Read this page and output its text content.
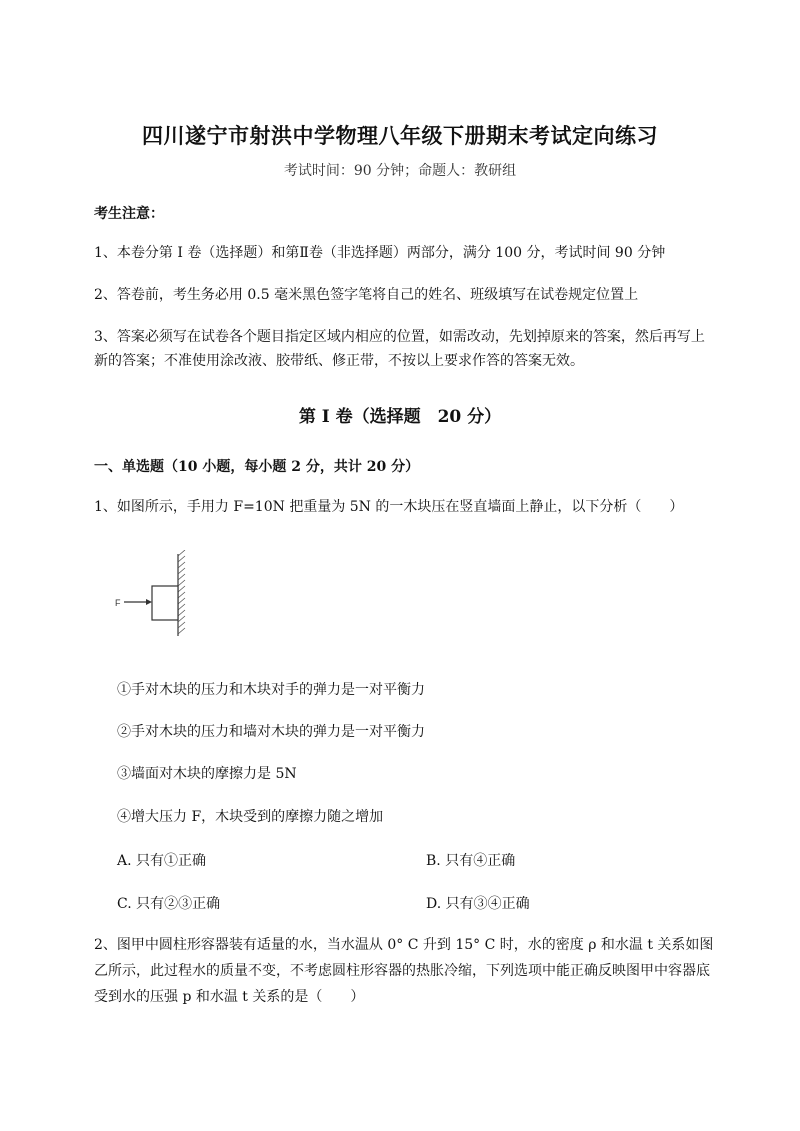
四川遂宁市射洪中学物理八年级下册期末考试定向练习
考试时间：90 分钟；命题人：教研组
考生注意：
1、本卷分第 I 卷（选择题）和第Ⅱ卷（非选择题）两部分，满分 100 分，考试时间 90 分钟
2、答卷前，考生务必用 0.5 毫米黑色签字笔将自己的姓名、班级填写在试卷规定位置上
3、答案必须写在试卷各个题目指定区域内相应的位置，如需改动，先划掉原来的答案，然后再写上新的答案；不准使用涂改液、胶带纸、修正带，不按以上要求作答的答案无效。
第 I 卷（选择题　20 分）
一、单选题（10 小题，每小题 2 分，共计 20 分）
1、如图所示，手用力 F=10N 把重量为 5N 的一木块压在竖直墙面上静止，以下分析（　　）
F
①手对木块的压力和木块对手的弹力是一对平衡力
②手对木块的压力和墙对木块的弹力是一对平衡力
③墙面对木块的摩擦力是 5N
④增大压力 F，木块受到的摩擦力随之增加
A. 只有①正确	B. 只有④正确
C. 只有②③正确	D. 只有③④正确
2、图甲中圆柱形容器装有适量的水，当水温从 0° C 升到 15° C 时，水的密度 ρ 和水温 t 关系如图乙所示，此过程水的质量不变，不考虑圆柱形容器的热胀冷缩，下列选项中能正确反映图甲中容器底受到水的压强 p 和水温 t 关系的是（　　）
